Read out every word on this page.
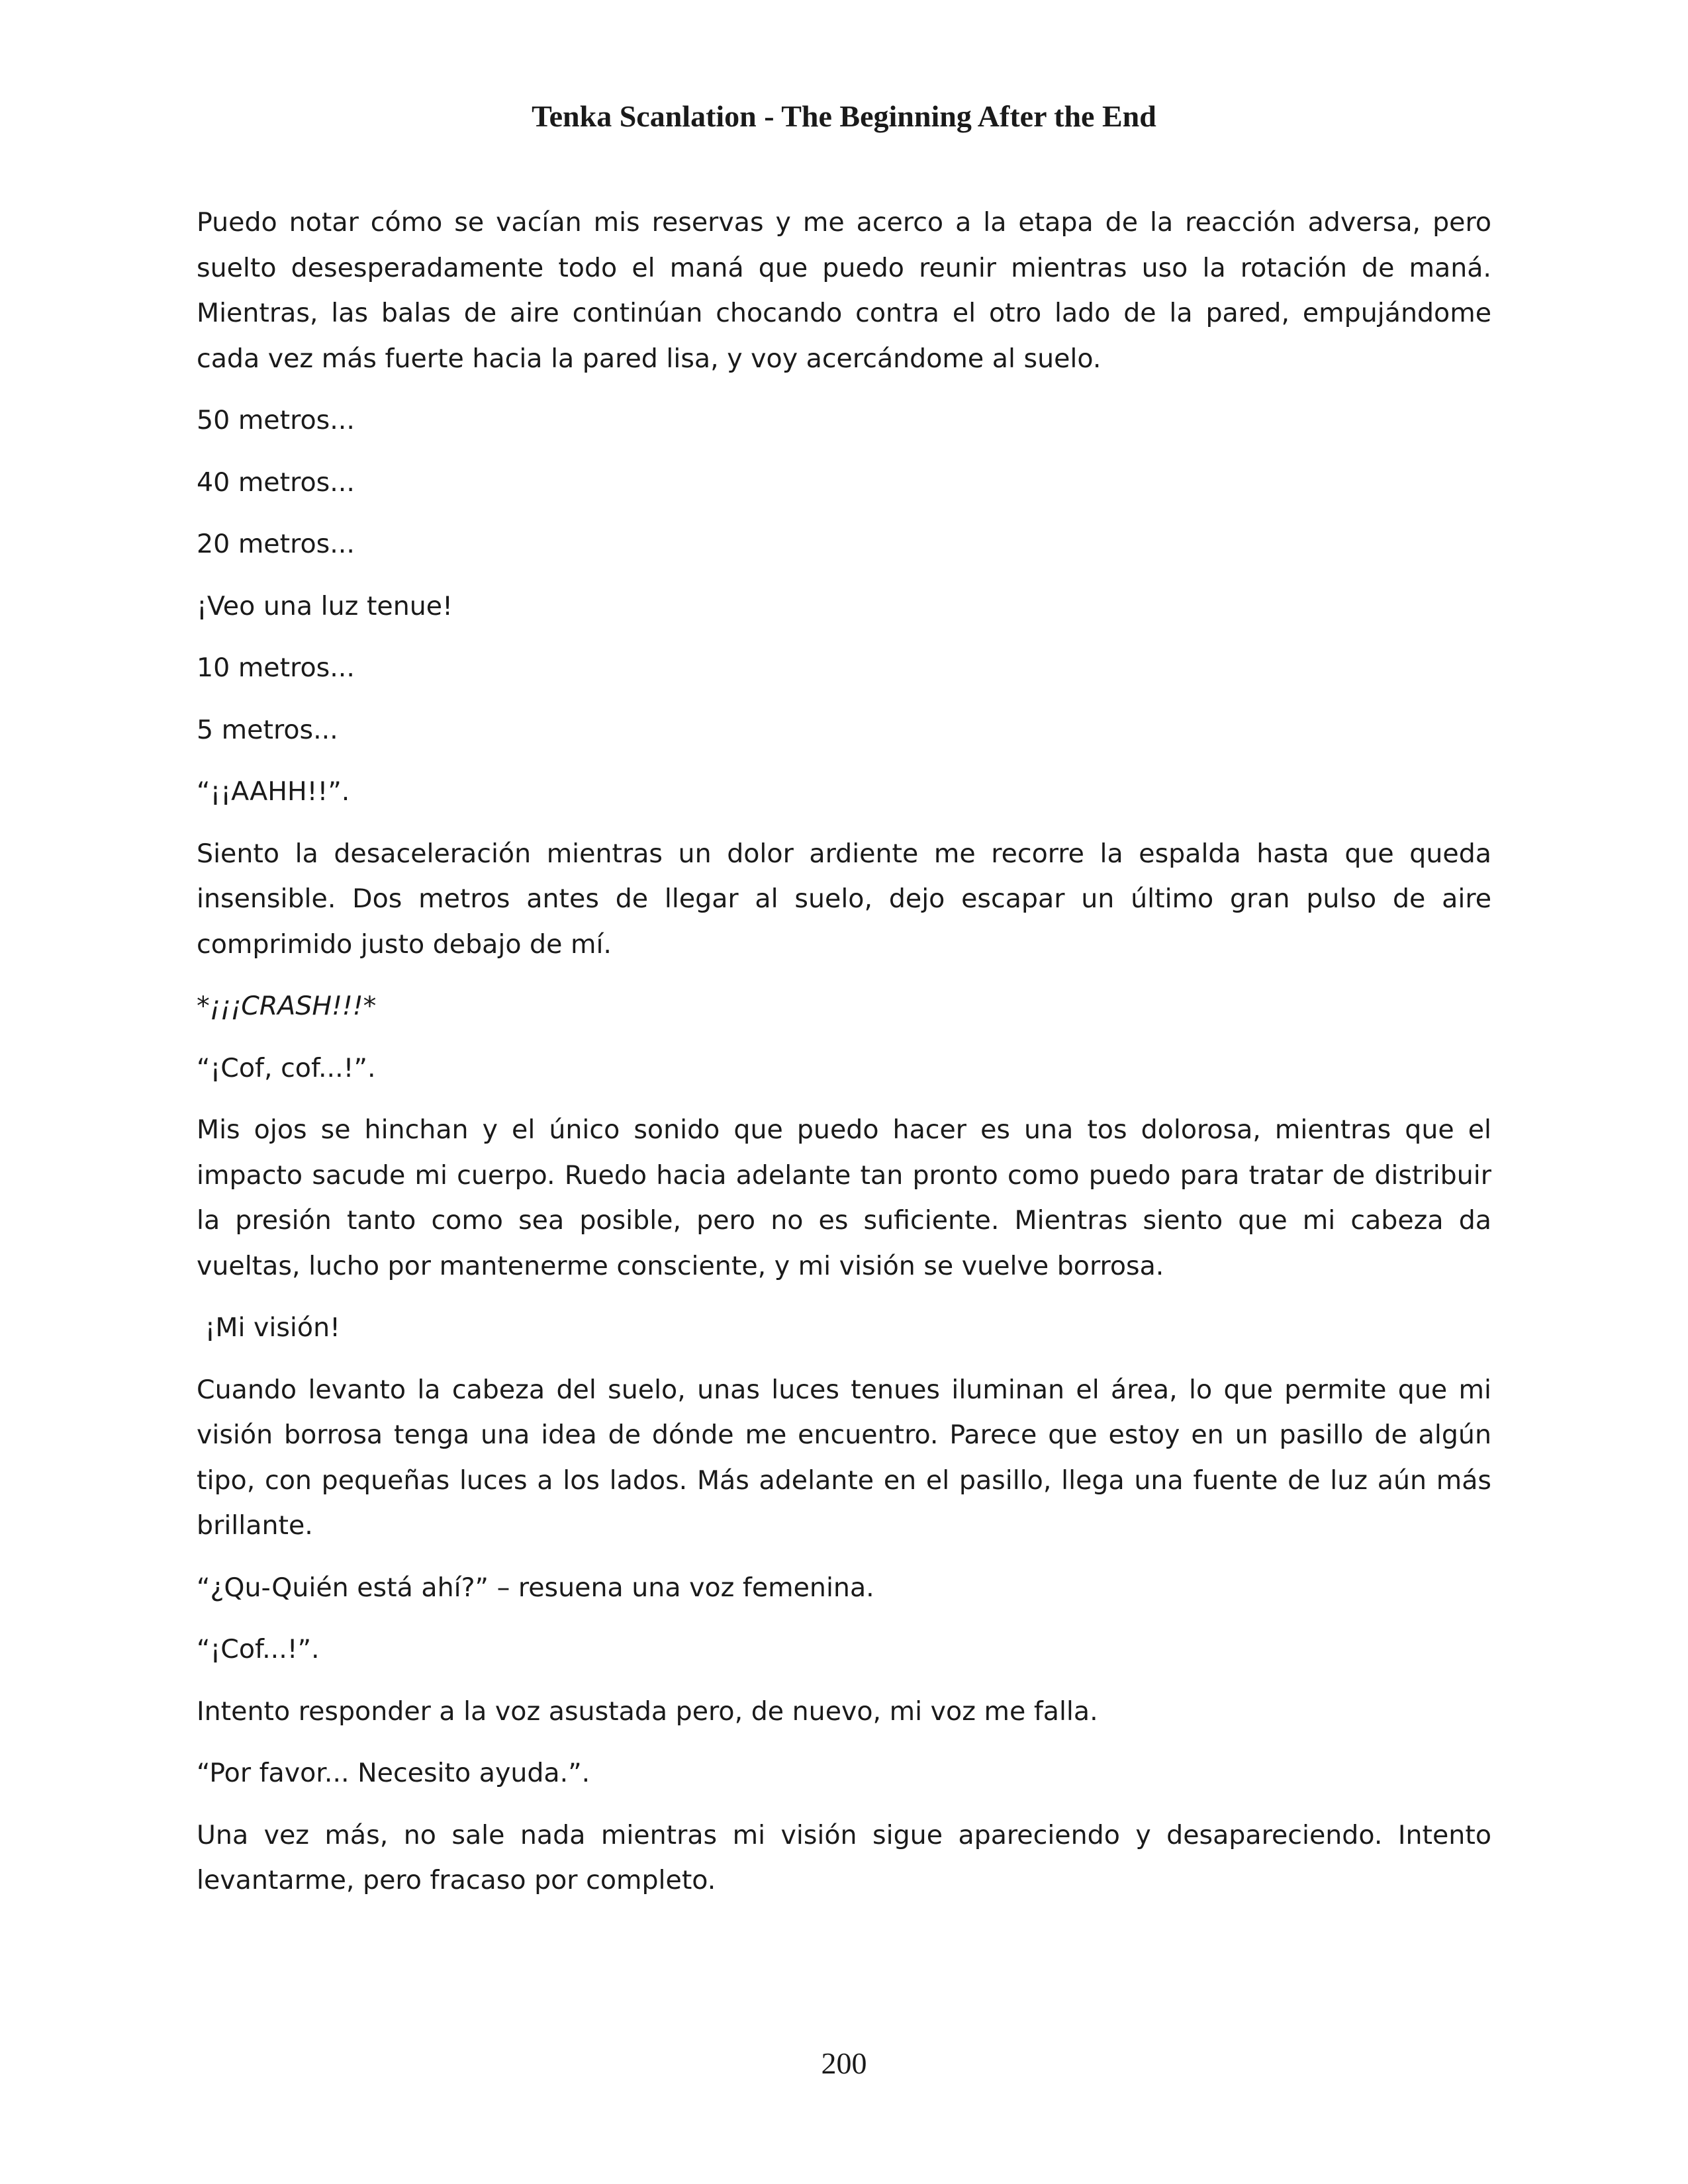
Tenka Scanlation - The Beginning After the End

Puedo notar cómo se vacían mis reservas y me acerco a la etapa de la reacción adversa, pero suelto desesperadamente todo el maná que puedo reunir mientras uso la rotación de maná. Mientras, las balas de aire continúan chocando contra el otro lado de la pared, empujándome cada vez más fuerte hacia la pared lisa, y voy acercándome al suelo.

50 metros...

40 metros...

20 metros...

¡Veo una luz tenue!

10 metros...

5 metros...

“¡¡AAHH!!”.

Siento la desaceleración mientras un dolor ardiente me recorre la espalda hasta que queda insensible. Dos metros antes de llegar al suelo, dejo escapar un último gran pulso de aire comprimido justo debajo de mí.

*¡¡¡CRASH!!!*

“¡Cof, cof...!”.

Mis ojos se hinchan y el único sonido que puedo hacer es una tos dolorosa, mientras que el impacto sacude mi cuerpo. Ruedo hacia adelante tan pronto como puedo para tratar de distribuir la presión tanto como sea posible, pero no es suficiente. Mientras siento que mi cabeza da vueltas, lucho por mantenerme consciente, y mi visión se vuelve borrosa.

¡Mi visión!

Cuando levanto la cabeza del suelo, unas luces tenues iluminan el área, lo que permite que mi visión borrosa tenga una idea de dónde me encuentro. Parece que estoy en un pasillo de algún tipo, con pequeñas luces a los lados. Más adelante en el pasillo, llega una fuente de luz aún más brillante.

“¿Qu-Quién está ahí?” – resuena una voz femenina.

“¡Cof...!”.

Intento responder a la voz asustada pero, de nuevo, mi voz me falla.

“Por favor... Necesito ayuda.”.

Una vez más, no sale nada mientras mi visión sigue apareciendo y desapareciendo. Intento levantarme, pero fracaso por completo.

200
